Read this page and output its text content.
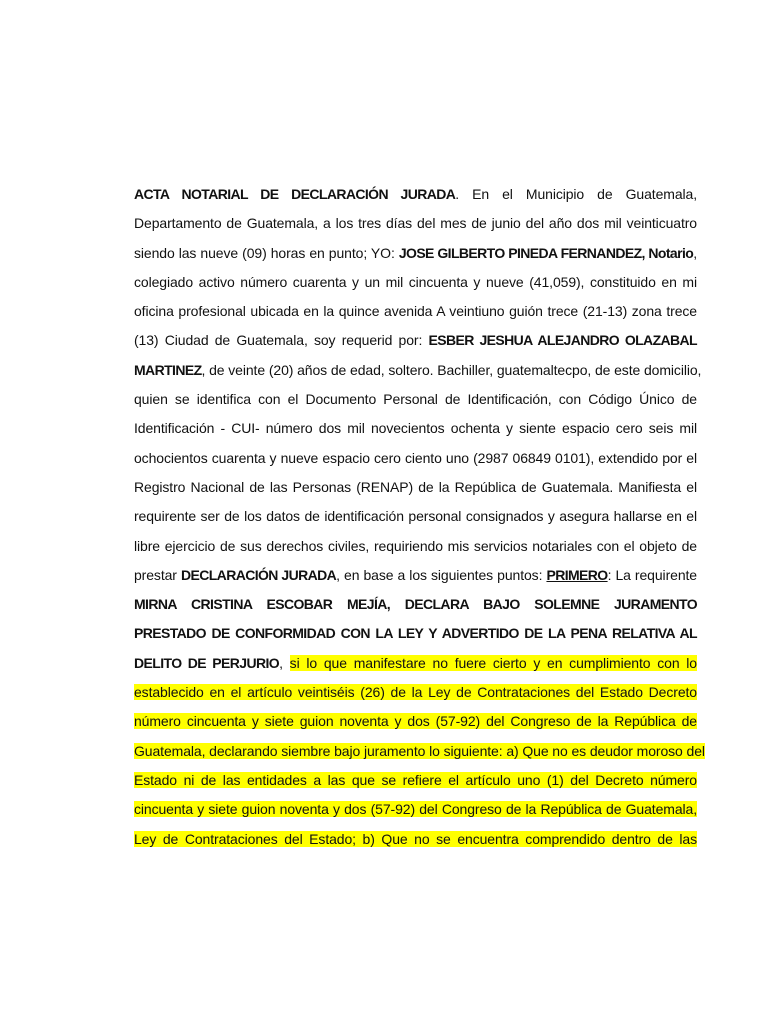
ACTA NOTARIAL DE DECLARACIÓN JURADA. En el Municipio de Guatemala,
Departamento de Guatemala, a los tres días del mes de junio del año dos mil veinticuatro
siendo las nueve (09) horas en punto; YO: JOSE GILBERTO PINEDA FERNANDEZ, Notario,
colegiado activo número cuarenta y un mil cincuenta y nueve (41,059), constituido en mi
oficina profesional ubicada en la quince avenida A veintiuno guión trece (21-13) zona trece
(13) Ciudad de Guatemala, soy requerid por: ESBER JESHUA ALEJANDRO OLAZABAL
MARTINEZ, de veinte (20) años de edad, soltero. Bachiller, guatemaltecpo, de este domicilio,
quien se identifica con el Documento Personal de Identificación, con Código Único de
Identificación - CUI- número dos mil novecientos ochenta y siente espacio cero seis mil
ochocientos cuarenta y nueve espacio cero ciento uno (2987 06849 0101), extendido por el
Registro Nacional de las Personas (RENAP) de la República de Guatemala. Manifiesta el
requirente ser de los datos de identificación personal consignados y asegura hallarse en el
libre ejercicio de sus derechos civiles, requiriendo mis servicios notariales con el objeto de
prestar DECLARACIÓN JURADA, en base a los siguientes puntos: PRIMERO: La requirente
MIRNA CRISTINA ESCOBAR MEJÍA, DECLARA BAJO SOLEMNE JURAMENTO
PRESTADO DE CONFORMIDAD CON LA LEY Y ADVERTIDO DE LA PENA RELATIVA AL
DELITO DE PERJURIO, si lo que manifestare no fuere cierto y en cumplimiento con lo
establecido en el artículo veintiséis (26) de la Ley de Contrataciones del Estado Decreto
número cincuenta y siete guion noventa y dos (57-92) del Congreso de la República de
Guatemala, declarando siembre bajo juramento lo siguiente: a) Que no es deudor moroso del
Estado ni de las entidades a las que se refiere el artículo uno (1) del Decreto número
cincuenta y siete guion noventa y dos (57-92) del Congreso de la República de Guatemala,
Ley de Contrataciones del Estado; b) Que no se encuentra comprendido dentro de las
